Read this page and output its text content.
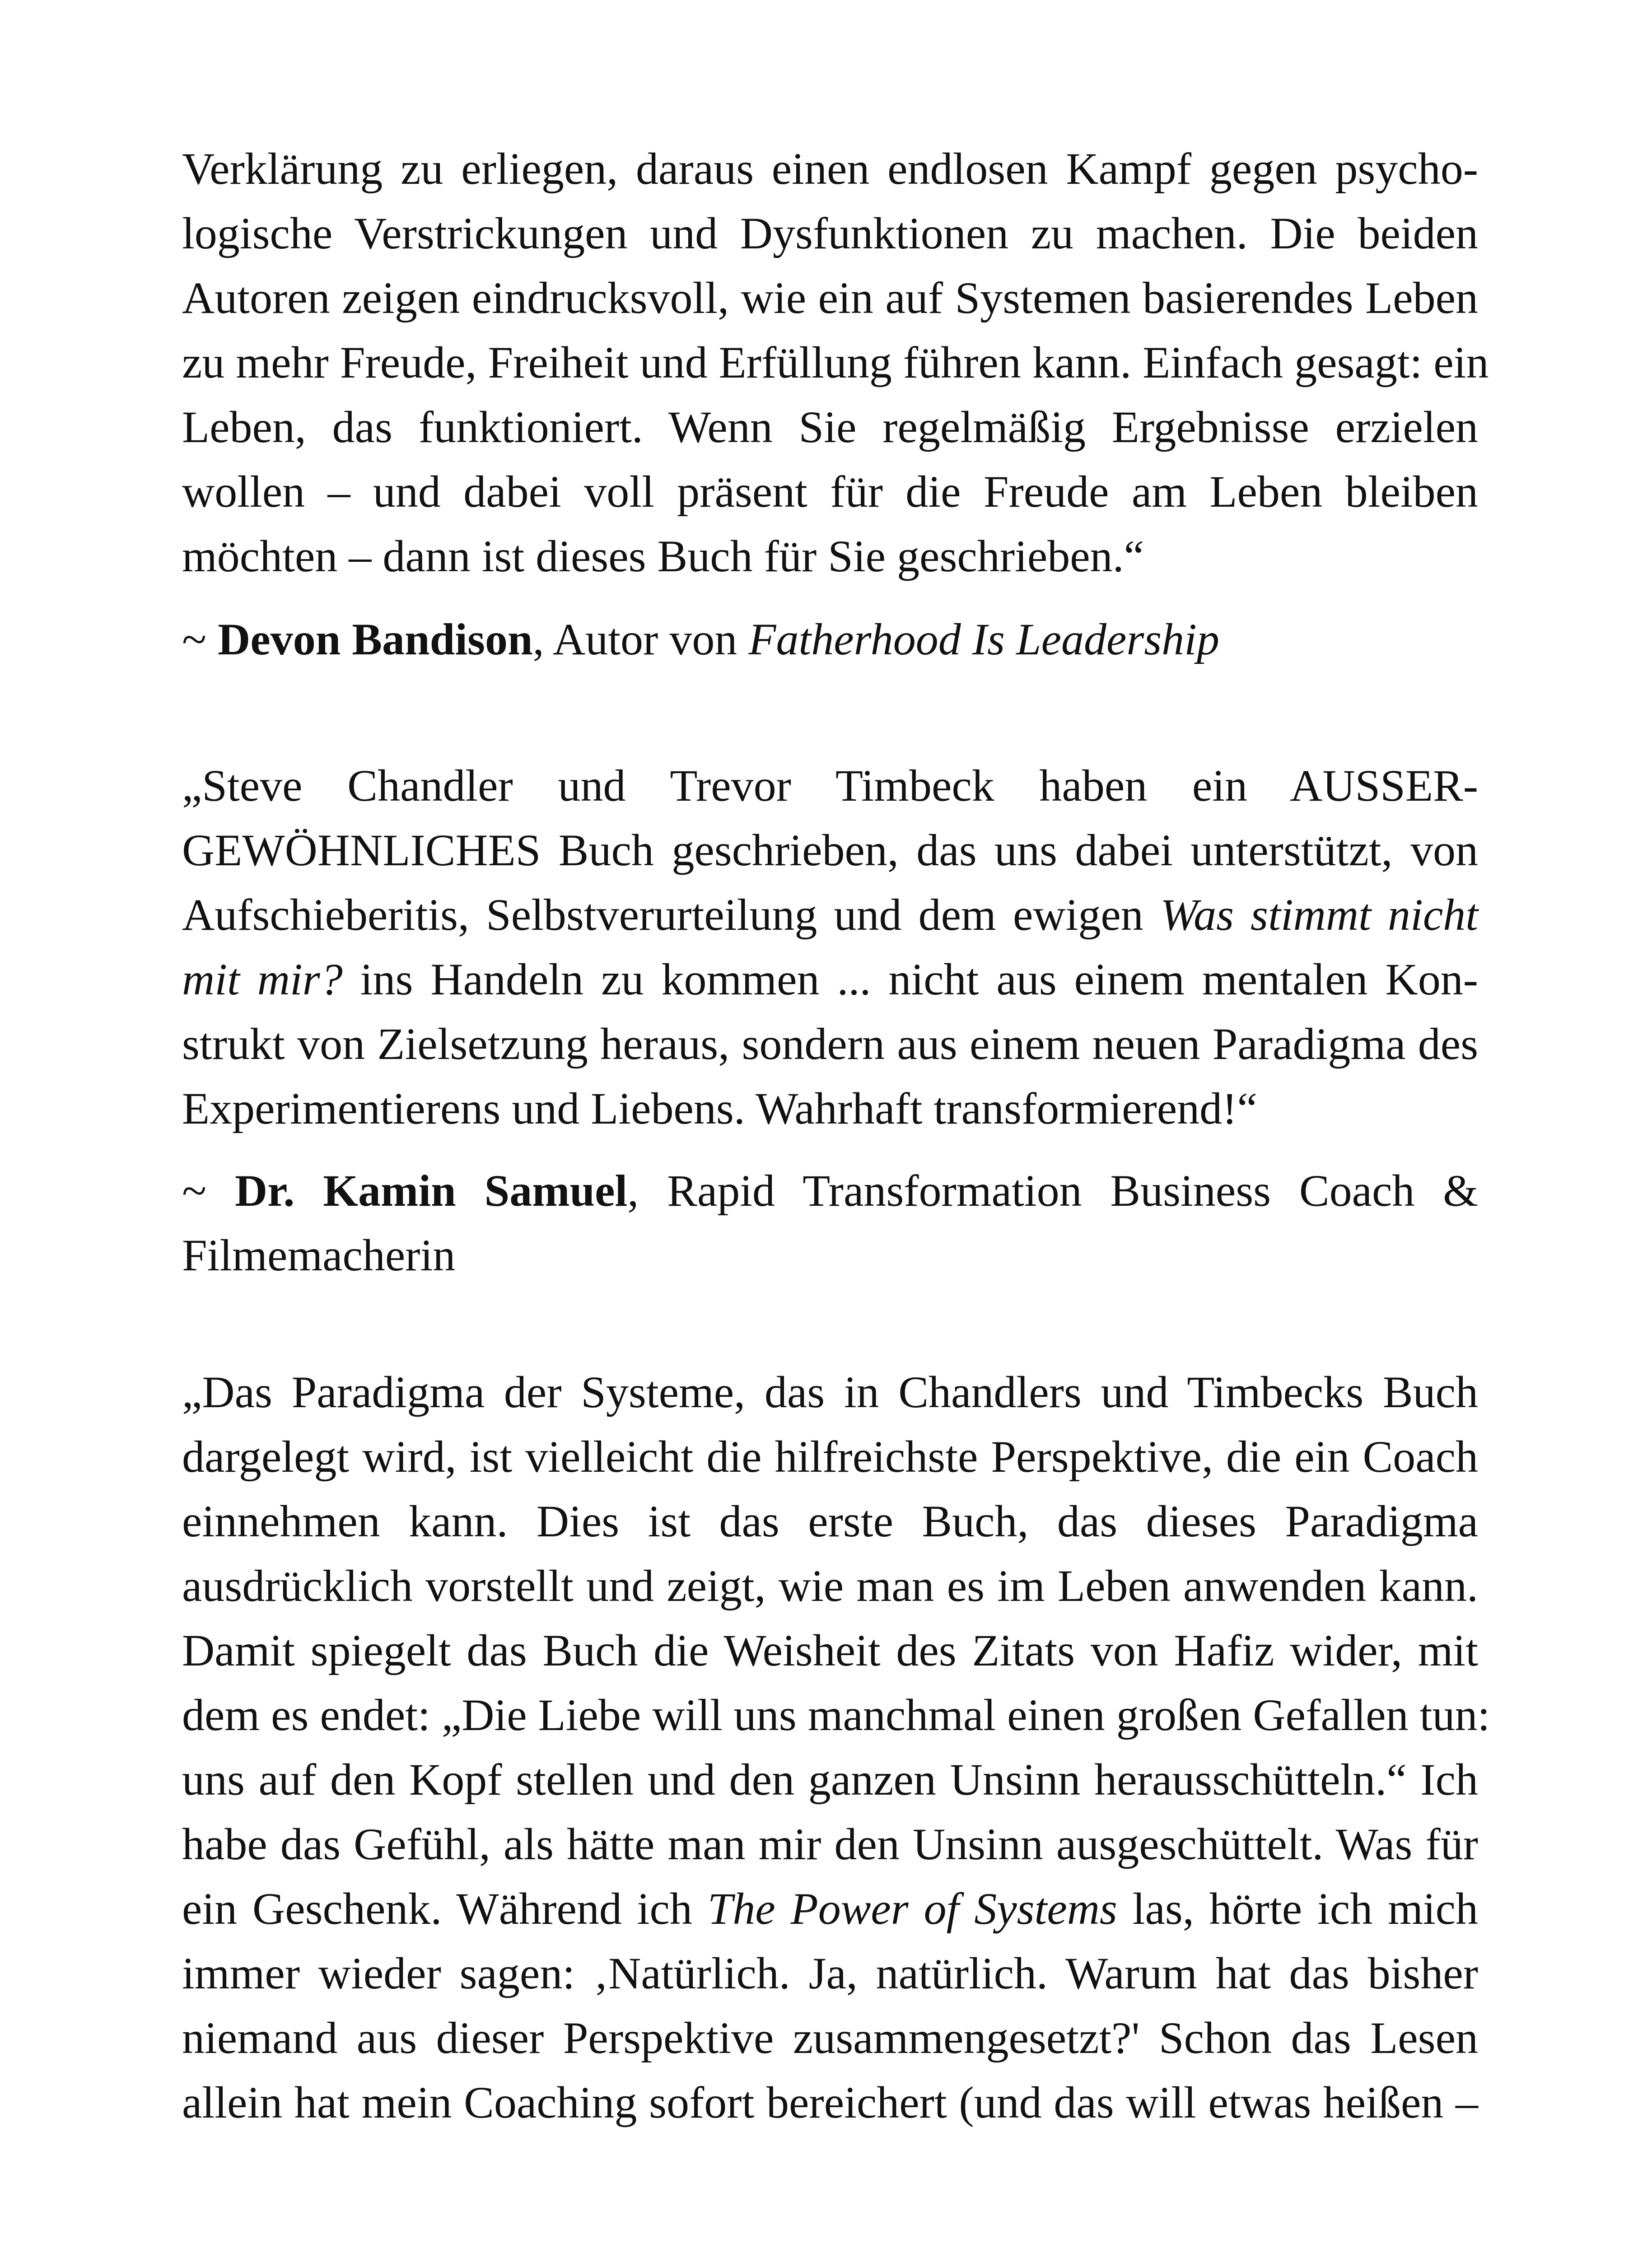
Verklärung zu erliegen, daraus einen endlosen Kampf gegen psycho-
logische Verstrickungen und Dysfunktionen zu machen. Die beiden
Autoren zeigen eindrucksvoll, wie ein auf Systemen basierendes Leben
zu mehr Freude, Freiheit und Erfüllung führen kann. Einfach gesagt: ein
Leben, das funktioniert. Wenn Sie regelmäßig Ergebnisse erzielen
wollen – und dabei voll präsent für die Freude am Leben bleiben
möchten – dann ist dieses Buch für Sie geschrieben.“
~ Devon Bandison, Autor von Fatherhood Is Leadership
„Steve Chandler und Trevor Timbeck haben ein AUSSER-
GEWÖHNLICHES Buch geschrieben, das uns dabei unterstützt, von
Aufschieberitis, Selbstverurteilung und dem ewigen Was stimmt nicht
mit mir? ins Handeln zu kommen ... nicht aus einem mentalen Kon-
strukt von Zielsetzung heraus, sondern aus einem neuen Paradigma des
Experimentierens und Liebens. Wahrhaft transformierend!“
~ Dr. Kamin Samuel, Rapid Transformation Business Coach &
Filmemacherin
„Das Paradigma der Systeme, das in Chandlers und Timbecks Buch
dargelegt wird, ist vielleicht die hilfreichste Perspektive, die ein Coach
einnehmen kann. Dies ist das erste Buch, das dieses Paradigma
ausdrücklich vorstellt und zeigt, wie man es im Leben anwenden kann.
Damit spiegelt das Buch die Weisheit des Zitats von Hafiz wider, mit
dem es endet: „Die Liebe will uns manchmal einen großen Gefallen tun:
uns auf den Kopf stellen und den ganzen Unsinn herausschütteln.“ Ich
habe das Gefühl, als hätte man mir den Unsinn ausgeschüttelt. Was für
ein Geschenk. Während ich The Power of Systems las, hörte ich mich
immer wieder sagen: ‚Natürlich. Ja, natürlich. Warum hat das bisher
niemand aus dieser Perspektive zusammengesetzt?' Schon das Lesen
allein hat mein Coaching sofort bereichert (und das will etwas heißen –
